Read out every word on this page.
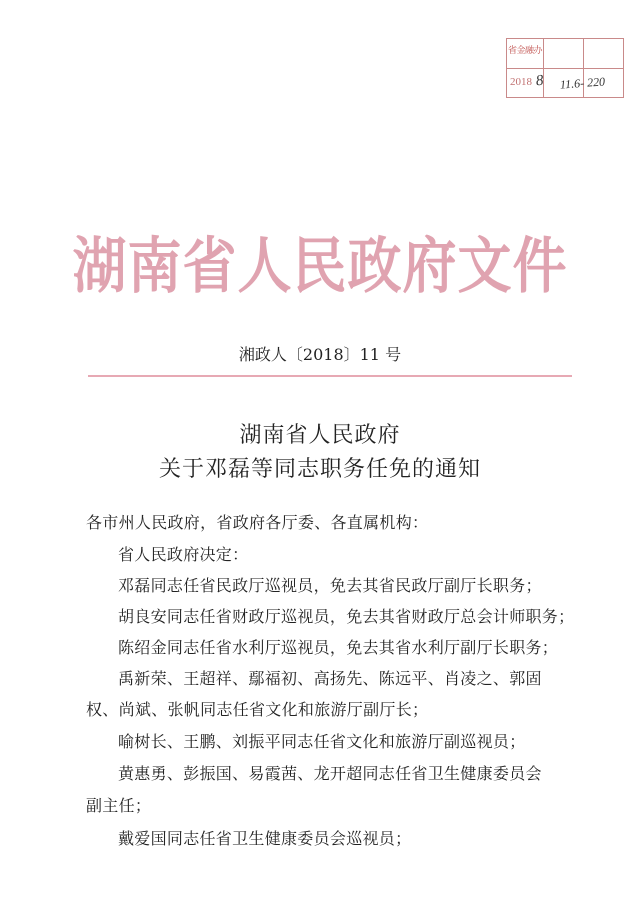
省金融办
2018 8 11.6- 220
湖南省人民政府文件
湘政人〔2018〕11 号
湖南省人民政府
关于邓磊等同志职务任免的通知
各市州人民政府，省政府各厅委、各直属机构：
省人民政府决定：
邓磊同志任省民政厅巡视员，免去其省民政厅副厅长职务；
胡良安同志任省财政厅巡视员，免去其省财政厅总会计师职务；
陈绍金同志任省水利厅巡视员，免去其省水利厅副厅长职务；
禹新荣、王超祥、鄢福初、高扬先、陈远平、肖凌之、郭固
权、尚斌、张帆同志任省文化和旅游厅副厅长；
喻树长、王鹏、刘振平同志任省文化和旅游厅副巡视员；
黄惠勇、彭振国、易霞茜、龙开超同志任省卫生健康委员会
副主任；
戴爱国同志任省卫生健康委员会巡视员；
